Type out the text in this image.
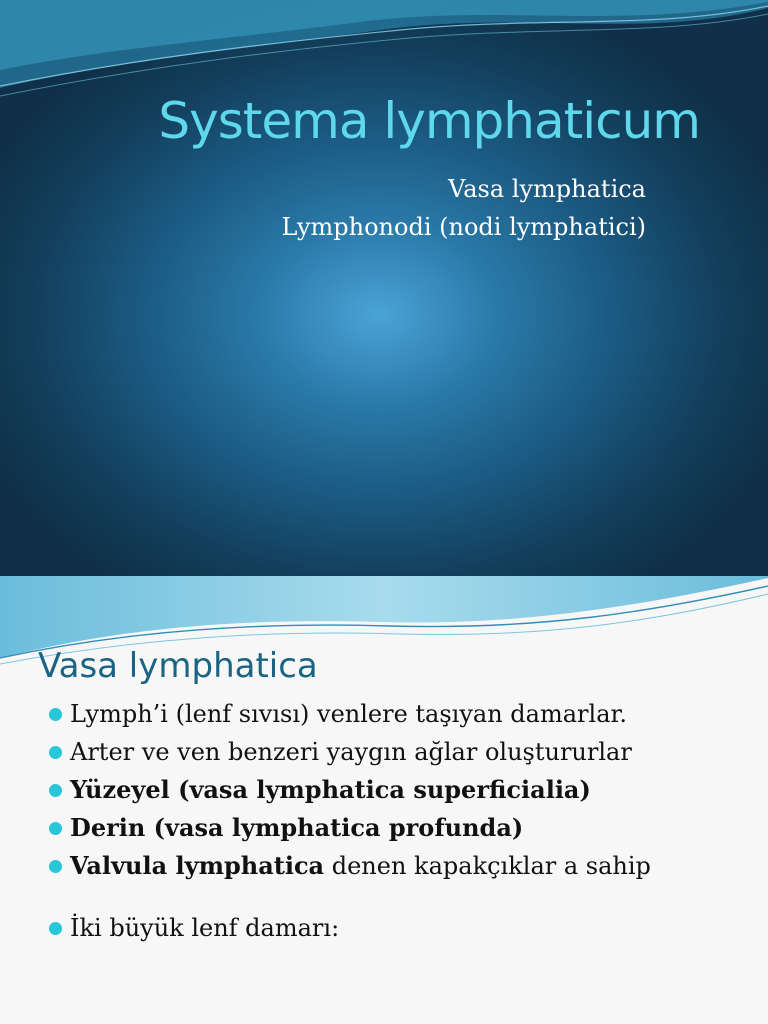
Systema lymphaticum
Vasa lymphatica
Lymphonodi (nodi lymphatici)
Vasa lymphatica
Lymph’i (lenf sıvısı) venlere taşıyan damarlar.
Arter ve ven benzeri yaygın ağlar oluştururlar
Yüzeyel (vasa lymphatica superficialia)
Derin (vasa lymphatica profunda)
Valvula lymphatica denen kapakçıklar a sahip
İki büyük lenf damarı:
